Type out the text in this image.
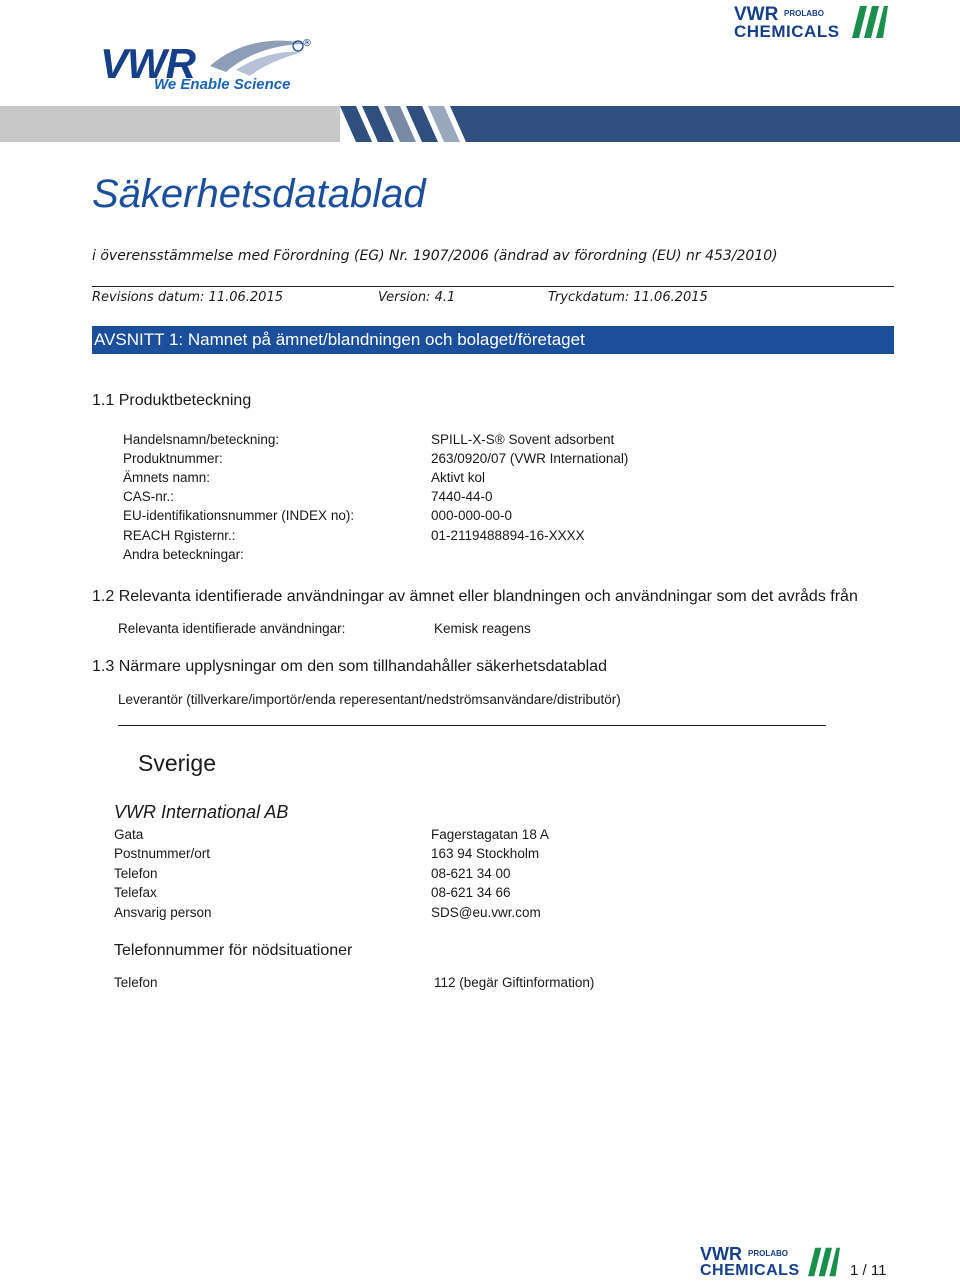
VWR
We Enable Science
®
VWR PROLABO
CHEMICALS
Säkerhetsdatablad
i överensstämmelse med Förordning (EG) Nr. 1907/2006 (ändrad av förordning (EU) nr 453/2010)
Revisions datum: 11.06.2015	Version: 4.1	Tryckdatum: 11.06.2015
AVSNITT 1: Namnet på ämnet/blandningen och bolaget/företaget
1.1 Produktbeteckning
Handelsnamn/beteckning:	SPILL-X-S® Sovent adsorbent
Produktnummer:	263/0920/07 (VWR International)
Ämnets namn:	Aktivt kol
CAS-nr.:	7440-44-0
EU-identifikationsnummer (INDEX no):	000-000-00-0
REACH Rgisternr.:	01-2119488894-16-XXXX
Andra beteckningar:
1.2 Relevanta identifierade användningar av ämnet eller blandningen och användningar som det avråds från
Relevanta identifierade användningar:	Kemisk reagens
1.3 Närmare upplysningar om den som tillhandahåller säkerhetsdatablad
Leverantör (tillverkare/importör/enda reperesentant/nedströmsanvändare/distributör)
Sverige
VWR International AB
Gata	Fagerstagatan 18 A
Postnummer/ort	163 94 Stockholm
Telefon	08-621 34 00
Telefax	08-621 34 66
Ansvarig person	SDS@eu.vwr.com
Telefonnummer för nödsituationer
Telefon	112 (begär Giftinformation)
VWR PROLABO
CHEMICALS	1 / 11
